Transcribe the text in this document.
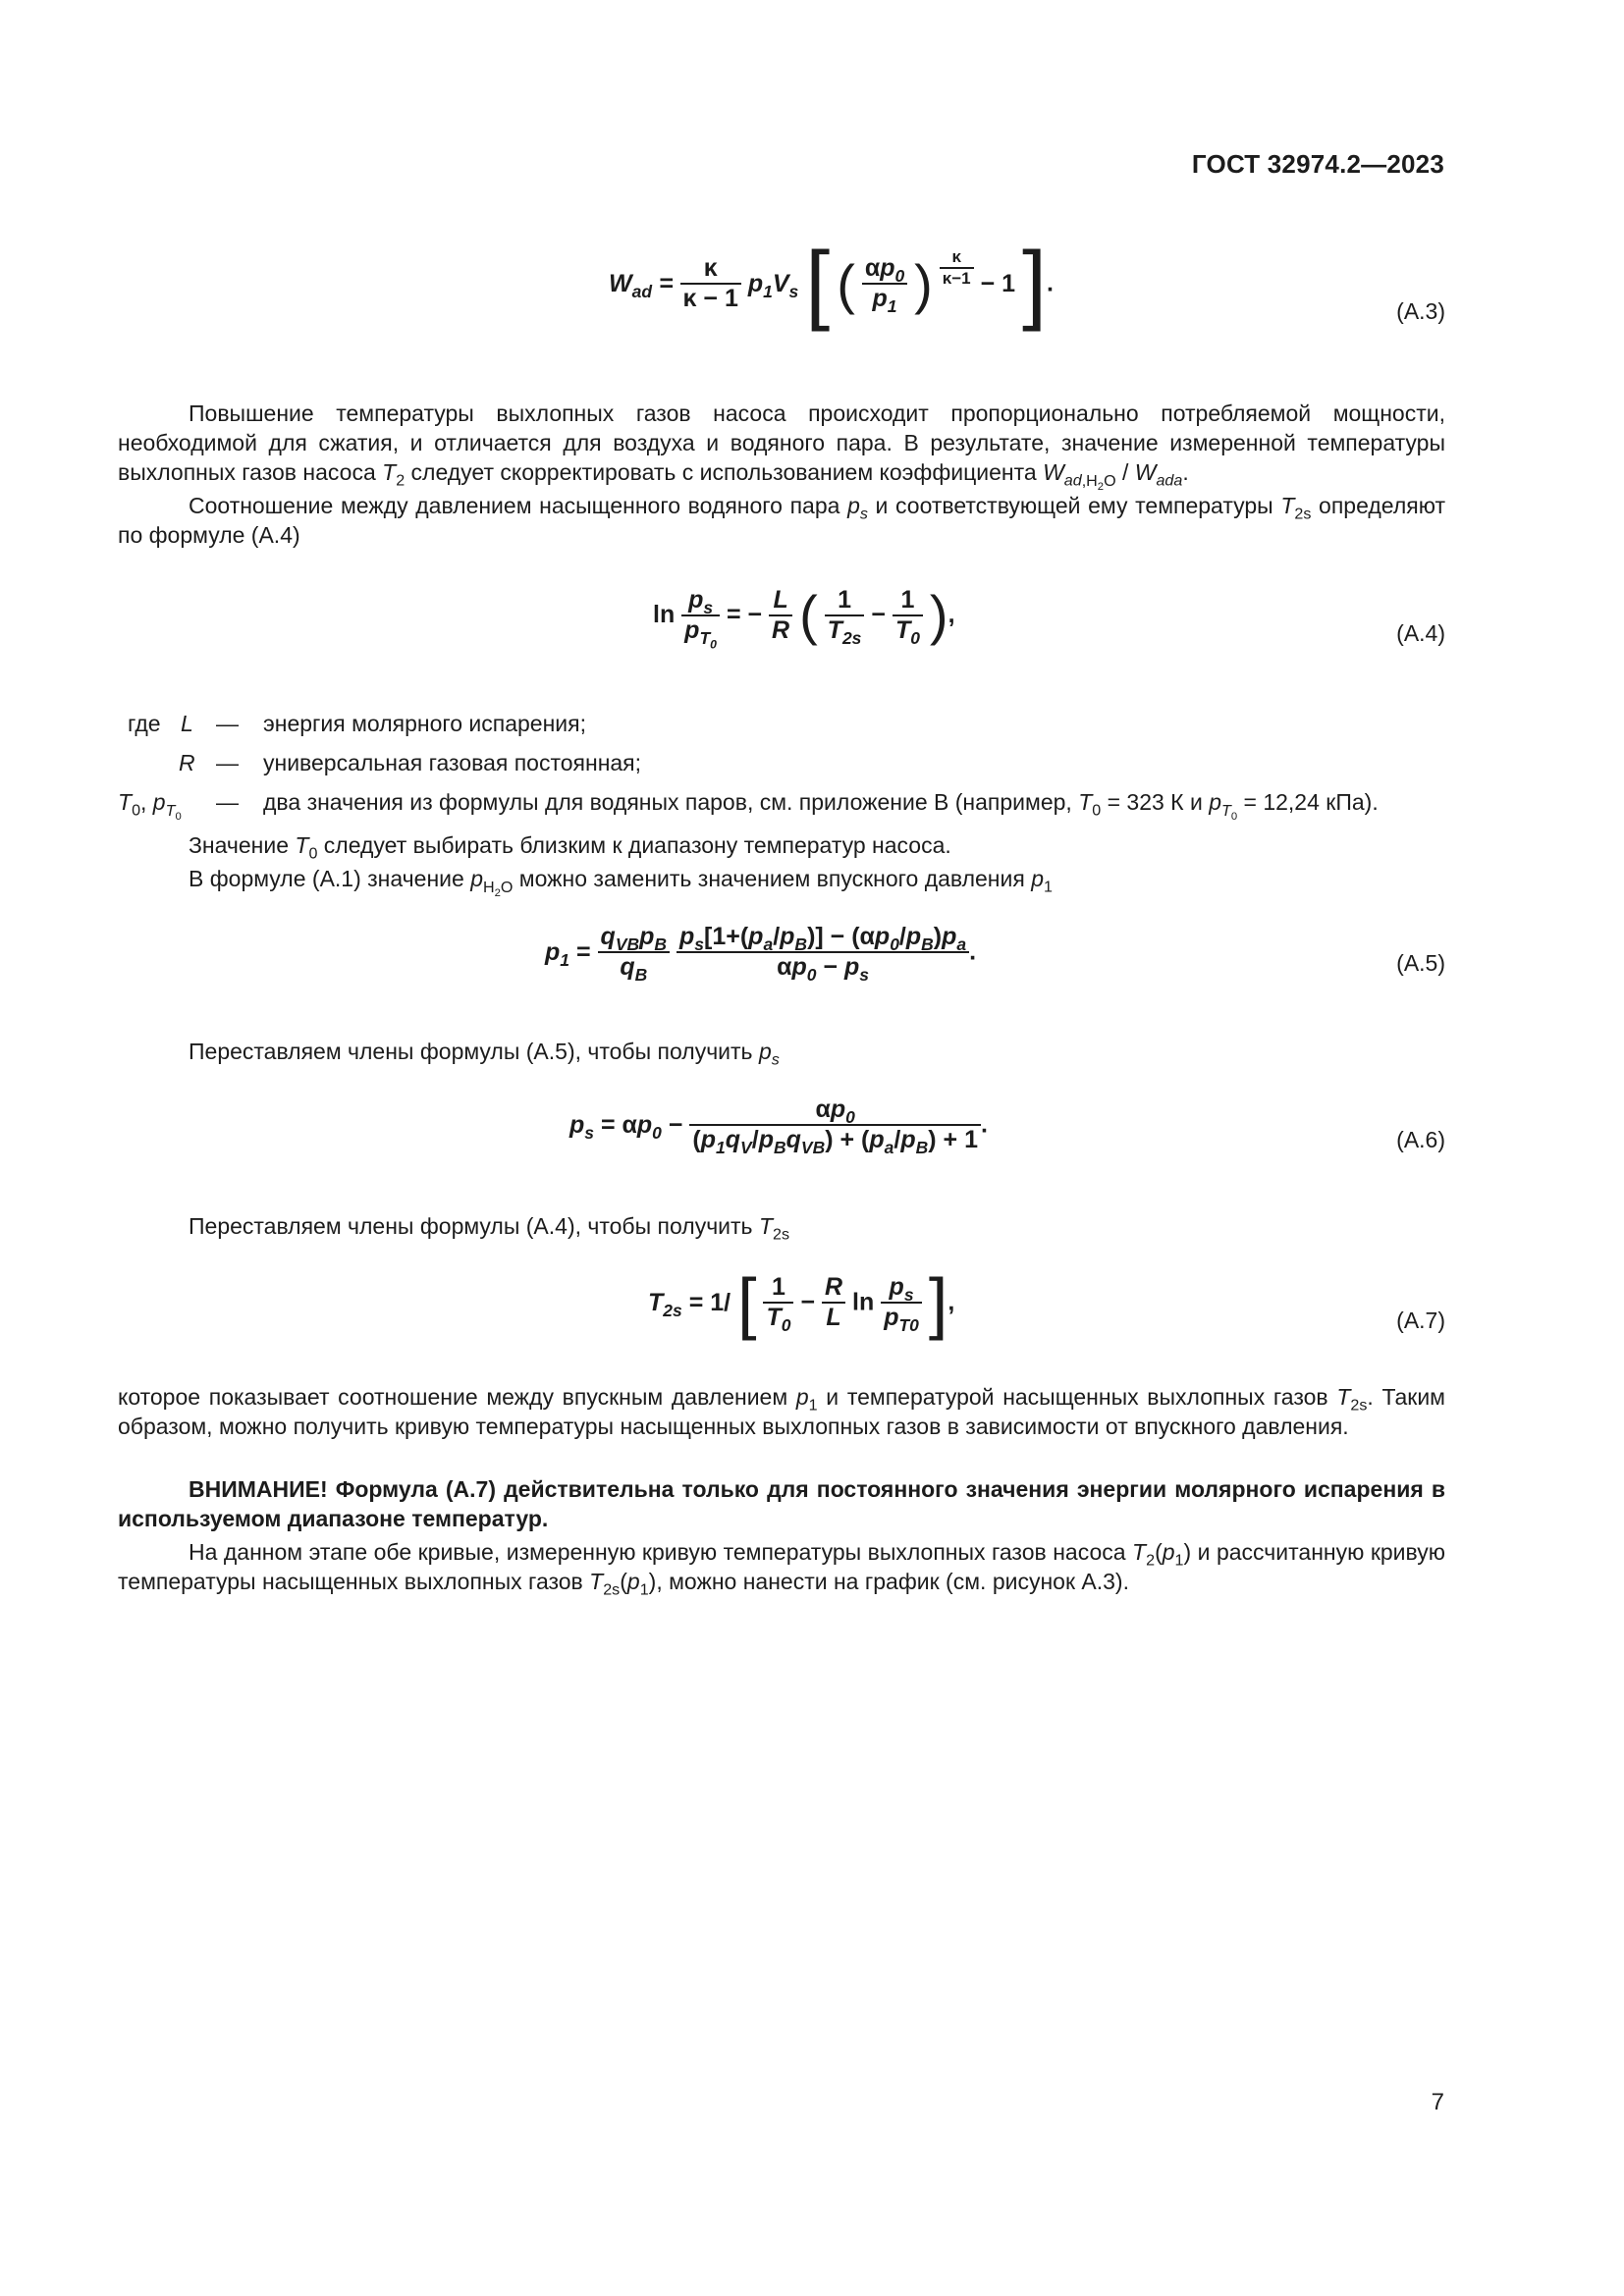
ГОСТ 32974.2—2023
$W_{ad} = \frac{\kappa}{\kappa - 1} p_1V_s$ [ ( $\frac{\alpha p_0}{p_1}$ ) $\frac{\kappa}{\kappa-1} - 1$ ].
(A.3)
Повышение температуры выхлопных газов насоса происходит пропорционально потребляемой мощности, необходимой для сжатия, и отличается для воздуха и водяного пара. В результате, значение измеренной температуры выхлопных газов насоса $T_2$ следует скорректировать с использованием коэффициента $W_{ad,H_2O} / W_{ada}$.
Соотношение между давлением насыщенного водяного пара $p_s$ и соответствующей ему температуры $T_{2s}$ определяют по формуле (A.4)
$\ln \frac{p_s}{p_{T_0}}$ = − $\frac{L}{R}$ ( $\frac{1}{T_{2s}} - \frac{1}{T_0}$ ),
(A.4)
где L — энергия молярного испарения;
R — универсальная газовая постоянная;
$T_0$, $p_{T_0}$
— два значения из формулы для водяных паров, см. приложение В (например, $T_0 = 323$ К и $p_{T_0} = 12,24$ кПа).
Значение $T_0$ следует выбирать близким к диапазону температур насоса.
В формуле (A.1) значение $p_{H_2O}$ можно заменить значением впускного давления $p_1$
$p_1 = \frac{q_{VB}p_B}{q_B}$
$\frac{p_s[1+(p_a/p_B)] - (\alpha p_0/p_B)p_a}{\alpha p_0 - p_s}$ .	(A.5)
Переставляем члены формулы (A.5), чтобы получить $p_s$
$p_s = \alpha p_0 - \frac{\alpha p_0}{(p_1q_V/p_Bq_{VB}) + (p_a/p_B) + 1}$ .
(A.6)
Переставляем члены формулы (A.4), чтобы получить $T_{2s}$
$T_{2s} = 1/$ [ $\frac{1}{T_0} - \frac{R}{L}$ $\ln \frac{p_s}{p_{T0}}$ ],
(A.7)
которое показывает соотношение между впускным давлением $p_1$ и температурой насыщенных выхлопных газов $T_{2s}$. Таким образом, можно получить кривую температуры насыщенных выхлопных газов в зависимости от впускного давления.
ВНИМАНИЕ! Формула (A.7) действительна только для постоянного значения энергии молярного испарения в используемом диапазоне температур.
На данном этапе обе кривые, измеренную кривую температуры выхлопных газов насоса $T_2(p_1)$ и рассчитанную кривую температуры насыщенных выхлопных газов $T_{2s}(p_1)$, можно нанести на график (см. рисунок A.3).
7
